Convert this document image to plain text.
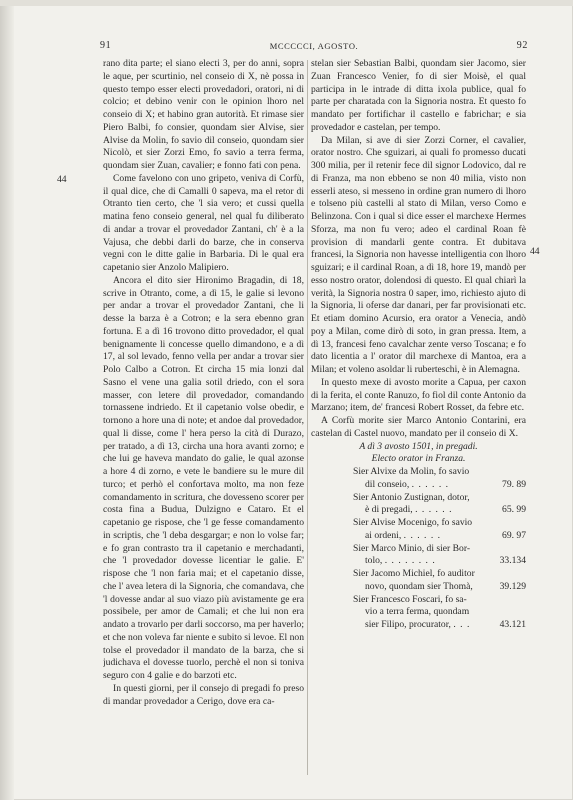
91	MCCCCCI, AGOSTO.	92
44
44

rano dita parte; el siano electi 3, per do anni, sopra le aque, per scurtinio, nel conseio di X, nè possa in questo tempo esser electi provedadori, oratori, ni di colcio; et debino venir con le opinion lhoro nel conseio di X; et habino gran autorità. Et rimase sier Piero Balbi, fo consier, quondam sier Alvise, sier Alvise da Molin, fo savio dil conseio, quondam sier Nicolò, et sier Zorzi Emo, fo savio a terra ferma, quondam sier Zuan, cavalier; e fonno fati con pena.

Come favelono con uno gripeto, veniva di Corfù, il qual dice, che di Camalli 0 sapeva, ma el retor di Otranto tien certo, che 'l sia vero; et cussi quella matina feno conseio general, nel qual fu diliberato di andar a trovar el provedador Zantani, ch' è a la Vajusa, che debbi darli do barze, che in conserva vegni con le ditte galie in Barbaria. Di le qual era capetanio sier Anzolo Malipiero.

Ancora el dito sier Hironimo Bragadin, di 18, scrive in Otranto, come, a dì 15, le galie si levono per andar a trovar el provedador Zantani, che li desse la barza è a Cotron; e la sera ebenno gran fortuna. E a dì 16 trovono ditto provedador, el qual benignamente li concesse quello dimandono, e a dì 17, al sol levado, fenno vella per andar a trovar sier Polo Calbo a Cotron. Et circha 15 mia lonzi dal Sasno el vene una galia sotil driedo, con el sora masser, con letere dil provedador, comandando tornassene indriedo. Et il capetanio volse obedir, e tornono a hore una di note; et andoe dal provedador, qual li disse, come l' hera perso la cità di Durazo, per tratado, a dì 13, circha una hora avanti zorno; e che lui ge haveva mandato do galie, le qual azonse a hore 4 di zorno, e vete le bandiere su le mure dil turco; et perhò el confortava molto, ma non feze comandamento in scritura, che dovesseno scorer per costa fina a Budua, Dulzigno e Cataro. Et el capetanio ge rispose, che 'l ge fesse comandamento in scriptis, che 'l deba desgargar; e non lo volse far; e fo gran contrasto tra il capetanio e merchadanti, che 'l provedador dovesse licentiar le galie. E' rispose che 'l non faria mai; et el capetanio disse, che l' avea letera di la Signoria, che comandava, che 'l dovesse andar al suo viazo più avistamente ge era possibele, per amor de Camali; et che lui non era andato a trovarlo per darli soccorso, ma per haverlo; et che non voleva far niente e subito si levoe. El non tolse el provedador il mandato de la barza, che si judichava el dovesse tuorlo, perchè el non si toniva seguro con 4 galie e do barzoti etc.

In questi giorni, per il consejo di pregadi fo preso di mandar provedador a Cerigo, dove era ca-

stelan sier Sebastian Balbi, quondam sier Jacomo, sier Zuan Francesco Venier, fo di sier Moisè, el qual participa in le intrade di ditta ixola publice, qual fo parte per charatada con la Signoria nostra. Et questo fo mandato per fortifichar il castello e fabrichar; e sia provedador e castelan, per tempo.

Da Milan, si ave di sier Zorzi Corner, el cavalier, orator nostro. Che sguizari, ai quali fo promesso ducati 300 milia, per il retenir fece dil signor Lodovico, dal re di Franza, ma non ebbeno se non 40 milia, visto non esserli ateso, si messeno in ordine gran numero di lhoro e tolseno più castelli al stato di Milan, verso Como e Belinzona. Con i qual si dice esser el marchexe Hermes Sforza, ma non fu vero; adeo el cardinal Roan fè provision di mandarli gente contra. Et dubitava francesi, la Signoria non havesse intelligentia con lhoro sguizari; e il cardinal Roan, a dì 18, hore 19, mandò per esso nostro orator, dolendosi di questo. El qual chiarì la verità, la Signoria nostra 0 saper, imo, richiesto ajuto di la Signoria, li oferse dar danari, per far provisionati etc. Et etiam domino Acursio, era orator a Venecia, andò poy a Milan, come dirò di soto, in gran pressa. Item, a dì 13, francesi feno cavalchar zente verso Toscana; e fo dato licentia a l' orator dil marchexe di Mantoa, era a Milan; et voleno asoldar li ruberteschi, è in Alemagna.

In questo mexe di avosto morite a Capua, per caxon di la ferita, el conte Ranuzo, fo fiol dil conte Antonio da Marzano; item, de' francesi Robert Rosset, da febre etc.

A Corfù morite sier Marco Antonio Contarini, era castelan di Castel nuovo, mandato per il conseio di X.

A dì 3 avosto 1501, in pregadi.

Electo orator in Franza.

Sier Alvixe da Molin, fo savio
dil conseio, . . . . . .	79. 89
Sier Antonio Zustignan, dotor,
è di pregadi, . . . . . .	65. 99
Sier Alvise Mocenigo, fo savio
ai ordeni, . . . . . .	69. 97
Sier Marco Minio, di sier Bor-
tolo, . . . . . . . .	33.134
Sier Jacomo Michiel, fo auditor
novo, quondam sier Thomà,	39.129
Sier Francesco Foscari, fo sa-
vio a terra ferma, quondam
sier Filipo, procurator, . . .	43.121
